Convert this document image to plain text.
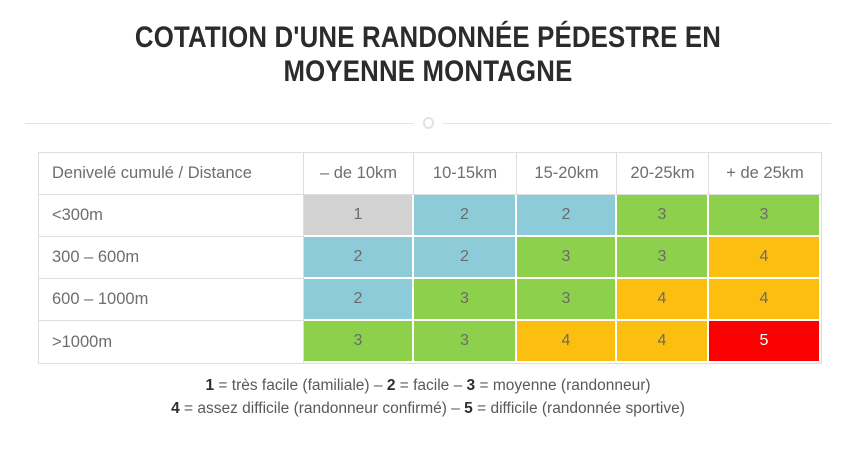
COTATION D'UNE RANDONNÉE PÉDESTRE EN
MOYENNE MONTAGNE
Denivelé cumulé / Distance	– de 10km	10-15km	15-20km	20-25km	+ de 25km
<300m	1	2	2	3	3
300 – 600m	2	2	3	3	4
600 – 1000m	2	3	3	4	4
>1000m	3	3	4	4	5

1 = très facile (familiale) – 2 = facile – 3 = moyenne (randonneur)

4 = assez difficile (randonneur confirmé) – 5 = difficile (randonnée sportive)
